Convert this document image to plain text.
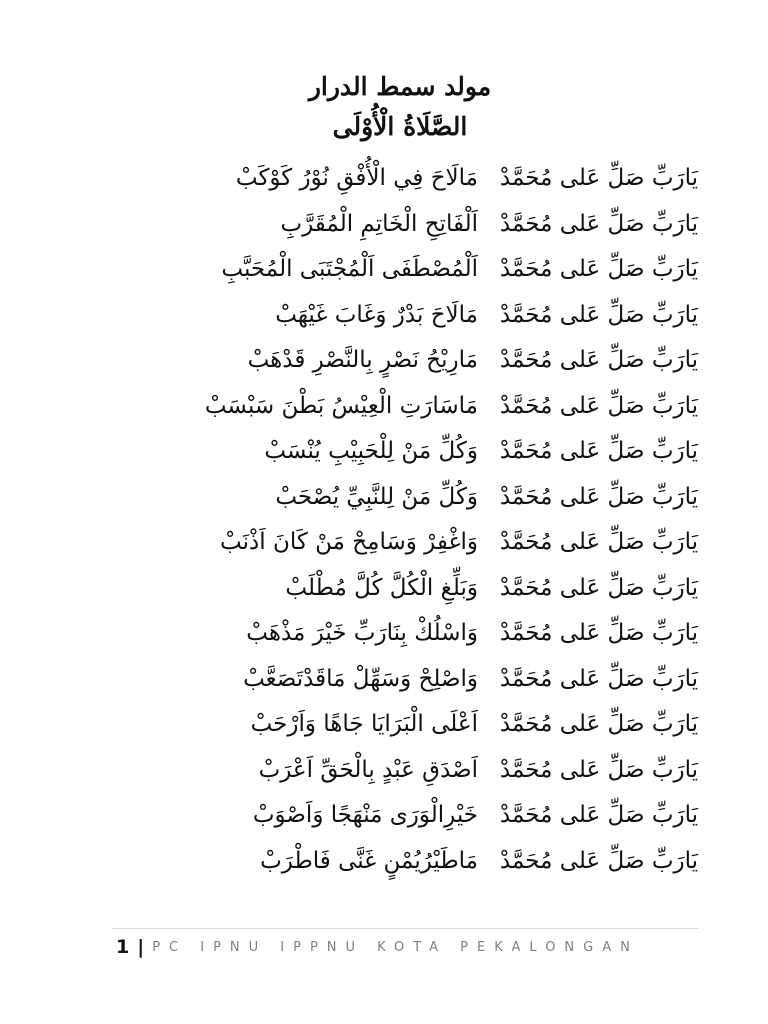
مولد سمط الدرار
الصَّلَاةُ الْأُوْلَى
يَارَبِّ صَلِّ عَلى مُحَمَّدْ
مَالَاحَ فِي الْأُفْقِ نُوْرُ كَوْكَبْ
يَارَبِّ صَلِّ عَلى مُحَمَّدْ
اَلْفَاتِحِ الْخَاتِمِ الْمُقَرَّبِ
يَارَبِّ صَلِّ عَلى مُحَمَّدْ
اَلْمُصْطَفَى اَلْمُجْتَبَى الْمُحَبَّبِ
يَارَبِّ صَلِّ عَلى مُحَمَّدْ
مَالَاحَ بَدْرٌ وَغَابَ غَيْهَبْ
يَارَبِّ صَلِّ عَلى مُحَمَّدْ
مَارِيْحُ نَصْرٍ بِالنَّصْرِ قَدْهَبْ
يَارَبِّ صَلِّ عَلى مُحَمَّدْ
مَاسَارَتِ الْعِيْسُ بَطْنَ سَبْسَبْ
يَارَبِّ صَلِّ عَلى مُحَمَّدْ
وَكُلِّ مَنْ لِلْحَبِيْبِ يُنْسَبْ
يَارَبِّ صَلِّ عَلى مُحَمَّدْ
وَكُلِّ مَنْ لِلنَّبِيِّ يُصْحَبْ
يَارَبِّ صَلِّ عَلى مُحَمَّدْ
وَاغْفِرْ وَسَامِحْ مَنْ كَانَ اَذْنَبْ
يَارَبِّ صَلِّ عَلى مُحَمَّدْ
وَبَلِّغِ الْكُلَّ كُلَّ مُطْلَبْ
يَارَبِّ صَلِّ عَلى مُحَمَّدْ
وَاسْلُكْ بِنَارَبِّ خَيْرَ مَذْهَبْ
يَارَبِّ صَلِّ عَلى مُحَمَّدْ
وَاصْلِحْ وَسَهِّلْ مَاقَدْتَصَعَّبْ
يَارَبِّ صَلِّ عَلى مُحَمَّدْ
اَعْلَى الْبَرَايَا جَاهًا وَاَرْحَبْ
يَارَبِّ صَلِّ عَلى مُحَمَّدْ
اَصْدَقِ عَبْدٍ بِالْحَقِّ اَعْرَبْ
يَارَبِّ صَلِّ عَلى مُحَمَّدْ
خَيْرِالْوَرَى مَنْهَجًا وَاَصْوَبْ
يَارَبِّ صَلِّ عَلى مُحَمَّدْ
مَاطَيْرُيُمْنٍ غَنَّى فَاطْرَبْ
1 | PC IPNU IPPNU KOTA PEKALONGAN
